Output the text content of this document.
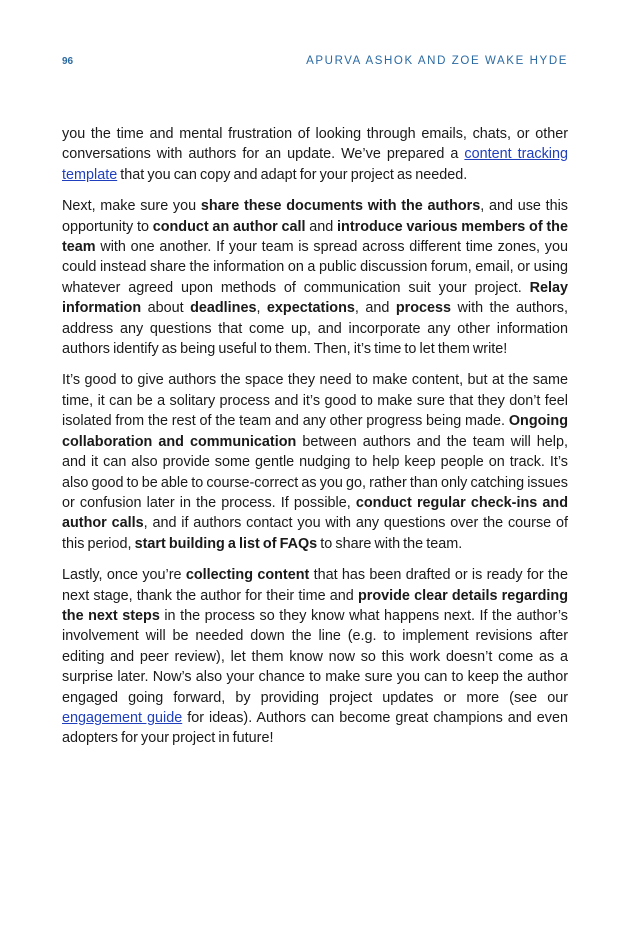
96	APURVA ASHOK AND ZOE WAKE HYDE

you the time and mental frustration of looking through emails, chats, or other conversations with authors for an update. We’ve prepared a content tracking template that you can copy and adapt for your project as needed.

Next, make sure you share these documents with the authors, and use this opportunity to conduct an author call and introduce various members of the team with one another. If your team is spread across different time zones, you could instead share the information on a public discussion forum, email, or using whatever agreed upon methods of communication suit your project. Relay information about deadlines, expectations, and process with the authors, address any questions that come up, and incorporate any other information authors identify as being useful to them. Then, it’s time to let them write!

It’s good to give authors the space they need to make content, but at the same time, it can be a solitary process and it’s good to make sure that they don’t feel isolated from the rest of the team and any other progress being made. Ongoing collaboration and communication between authors and the team will help, and it can also provide some gentle nudging to help keep people on track. It’s also good to be able to course-correct as you go, rather than only catching issues or confusion later in the process. If possible, conduct regular check-ins and author calls, and if authors contact you with any questions over the course of this period, start building a list of FAQs to share with the team.

Lastly, once you’re collecting content that has been drafted or is ready for the next stage, thank the author for their time and provide clear details regarding the next steps in the process so they know what happens next. If the author’s involvement will be needed down the line (e.g. to implement revisions after editing and peer review), let them know now so this work doesn’t come as a surprise later. Now’s also your chance to make sure you can to keep the author engaged going forward, by providing project updates or more (see our engagement guide for ideas). Authors can become great champions and even adopters for your project in future!
